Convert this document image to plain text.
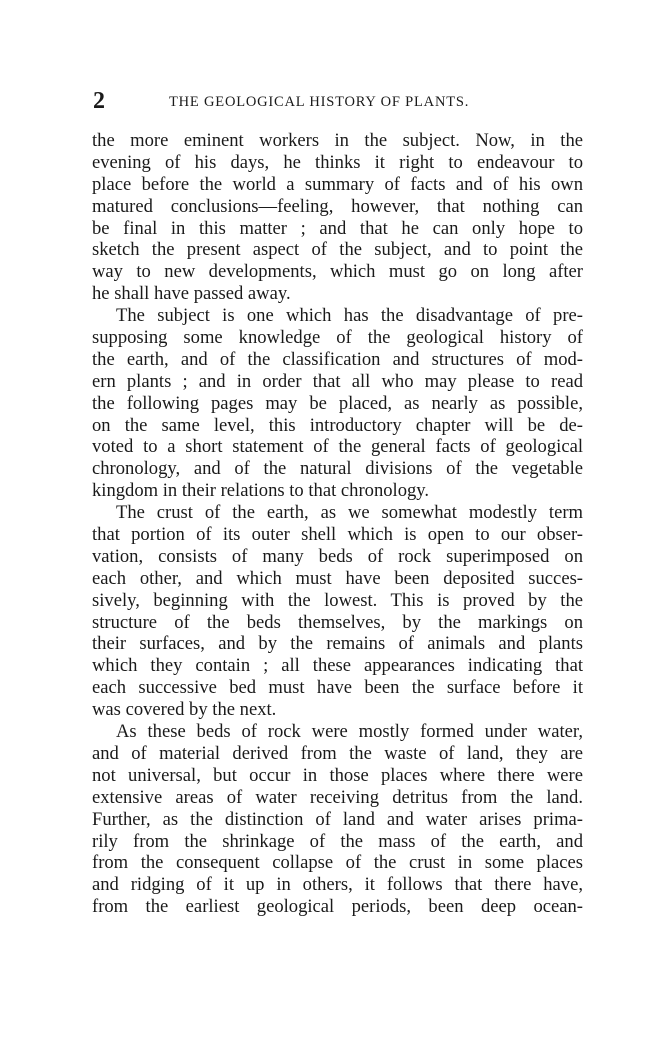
2	THE GEOLOGICAL HISTORY OF PLANTS.
the more eminent workers in the subject. Now, in the
evening of his days, he thinks it right to endeavour to
place before the world a summary of facts and of his own
matured conclusions—feeling, however, that nothing can
be final in this matter ; and that he can only hope to
sketch the present aspect of the subject, and to point the
way to new developments, which must go on long after
he shall have passed away.
The subject is one which has the disadvantage of pre-
supposing some knowledge of the geological history of
the earth, and of the classification and structures of mod-
ern plants ; and in order that all who may please to read
the following pages may be placed, as nearly as possible,
on the same level, this introductory chapter will be de-
voted to a short statement of the general facts of geological
chronology, and of the natural divisions of the vegetable
kingdom in their relations to that chronology.
The crust of the earth, as we somewhat modestly term
that portion of its outer shell which is open to our obser-
vation, consists of many beds of rock superimposed on
each other, and which must have been deposited succes-
sively, beginning with the lowest. This is proved by the
structure of the beds themselves, by the markings on
their surfaces, and by the remains of animals and plants
which they contain ; all these appearances indicating that
each successive bed must have been the surface before it
was covered by the next.
As these beds of rock were mostly formed under water,
and of material derived from the waste of land, they are
not universal, but occur in those places where there were
extensive areas of water receiving detritus from the land.
Further, as the distinction of land and water arises prima-
rily from the shrinkage of the mass of the earth, and
from the consequent collapse of the crust in some places
and ridging of it up in others, it follows that there have,
from the earliest geological periods, been deep ocean-
